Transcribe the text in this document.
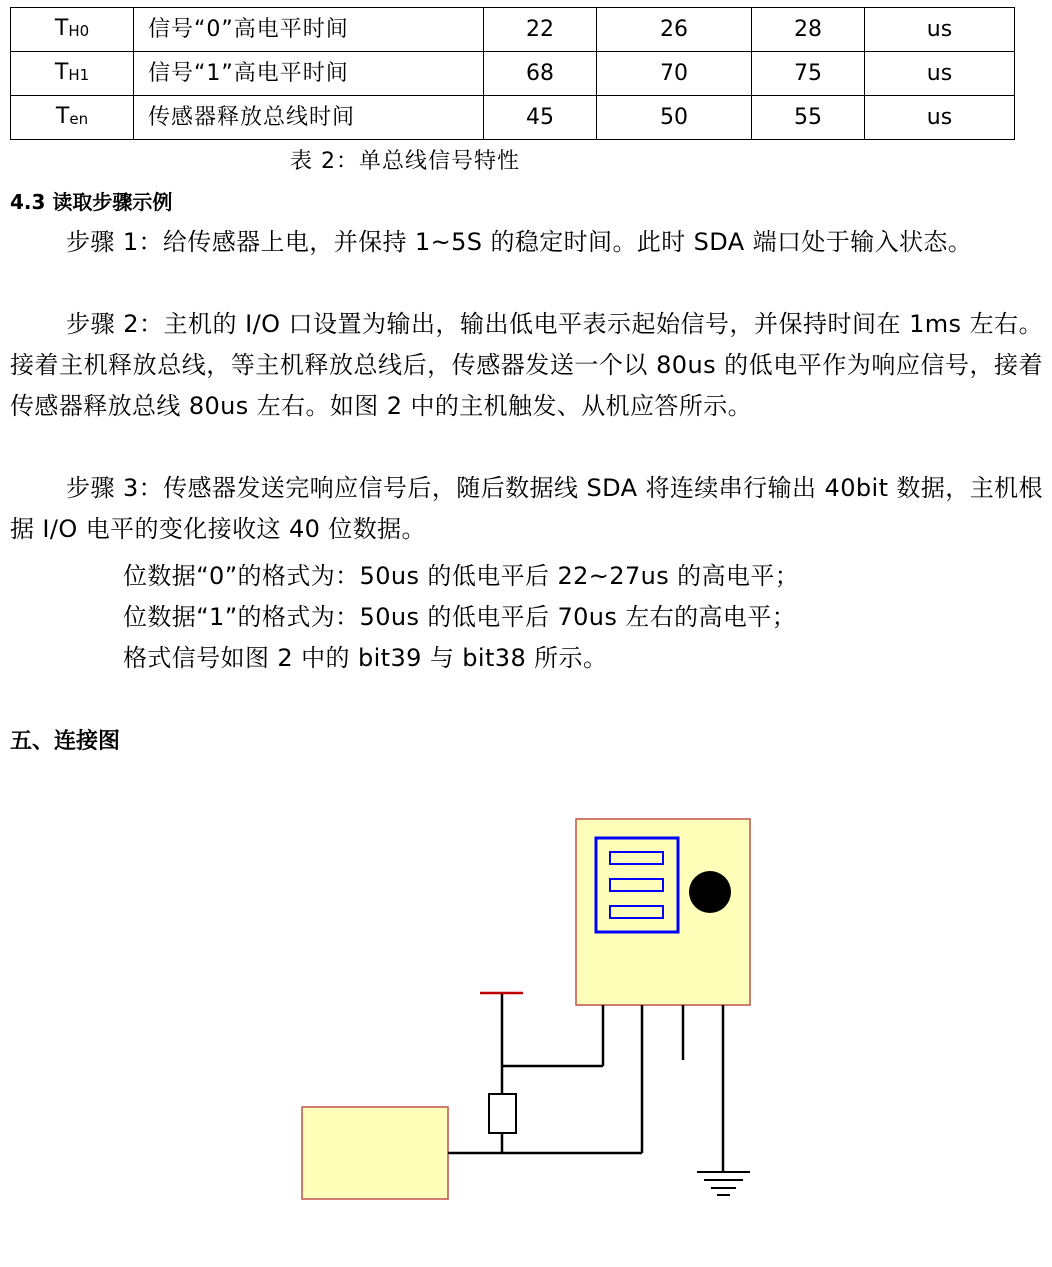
$T_{H0}$	信号“0”高电平时间	22	26	28	us
$T_{H1}$	信号“1”高电平时间	68	70	75	us
$T_{en}$	传感器释放总线时间	45	50	55	us
表 2：单总线信号特性
4.3 读取步骤示例
步骤 1：给传感器上电，并保持 1~5S 的稳定时间。此时 SDA 端口处于输入状态。
步骤 2：主机的 I/O 口设置为输出，输出低电平表示起始信号，并保持时间在 1ms 左右。接着主机释放总线，等主机释放总线后，传感器发送一个以 80us 的低电平作为响应信号，接着传感器释放总线 80us 左右。如图 2 中的主机触发、从机应答所示。
步骤 3：传感器发送完响应信号后，随后数据线 SDA 将连续串行输出 40bit 数据，主机根据 I/O 电平的变化接收这 40 位数据。
位数据“0”的格式为：50us 的低电平后 22~27us 的高电平；
位数据“1”的格式为：50us 的低电平后 70us 左右的高电平；
格式信号如图 2 中的 bit39 与 bit38 所示。
五、连接图
